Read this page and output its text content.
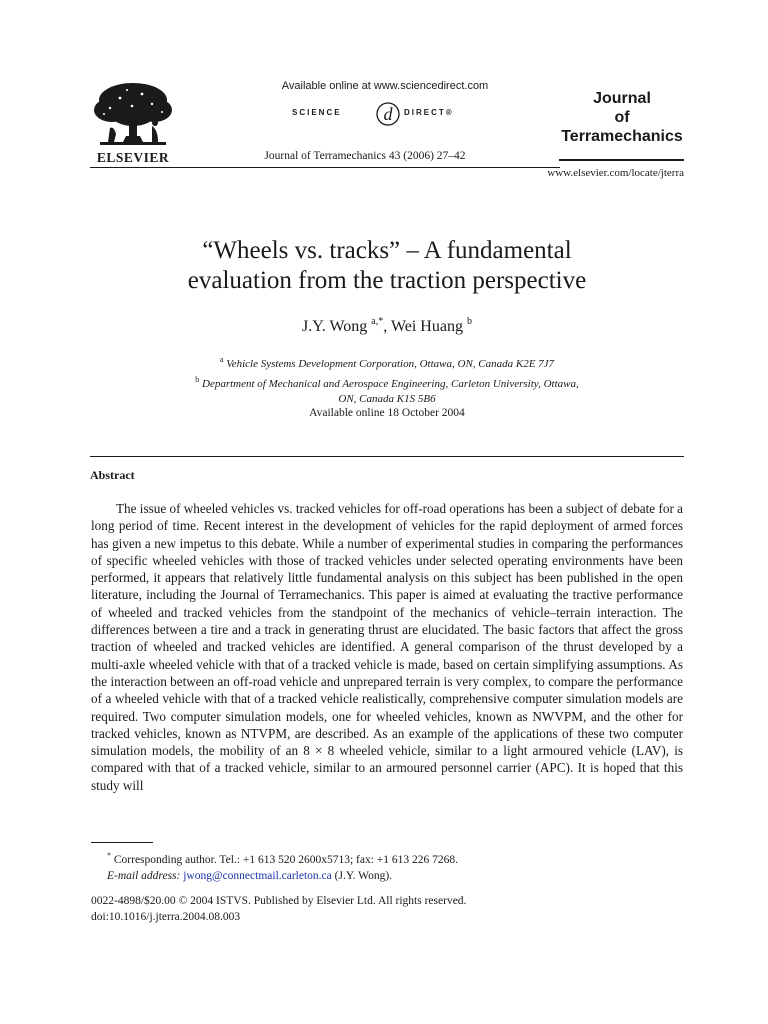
ELSEVIER
Available online at www.sciencedirect.com
SCIENCE d DIRECT®
Journal of Terramechanics 43 (2006) 27–42
Journal
of
Terramechanics
www.elsevier.com/locate/jterra
“Wheels vs. tracks” – A fundamental
evaluation from the traction perspective
J.Y. Wong $^{a,*}$, Wei Huang $^b$
$^a$ Vehicle Systems Development Corporation, Ottawa, ON, Canada K2E 7J7
$^b$ Department of Mechanical and Aerospace Engineering, Carleton University, Ottawa,
ON, Canada K1S 5B6
Available online 18 October 2004
Abstract

The issue of wheeled vehicles vs. tracked vehicles for off-road operations has been a subject of debate for a long period of time. Recent interest in the development of vehicles for the rapid deployment of armed forces has given a new impetus to this debate. While a number of experimental studies in comparing the performances of specific wheeled vehicles with those of tracked vehicles under selected operating environments have been performed, it appears that relatively little fundamental analysis on this subject has been published in the open literature, including the Journal of Terramechanics. This paper is aimed at evaluating the tractive performance of wheeled and tracked vehicles from the standpoint of the mechanics of vehicle–terrain interaction. The differences between a tire and a track in generating thrust are elucidated. The basic factors that affect the gross traction of wheeled and tracked vehicles are identified. A general comparison of the thrust developed by a multi-axle wheeled vehicle with that of a tracked vehicle is made, based on certain simplifying assumptions. As the interaction between an off-road vehicle and unprepared terrain is very complex, to compare the performance of a wheeled vehicle with that of a tracked vehicle realistically, comprehensive computer simulation models are required. Two computer simulation models, one for wheeled vehicles, known as NWVPM, and the other for tracked vehicles, known as NTVPM, are described. As an example of the applications of these two computer simulation models, the mobility of an 8 × 8 wheeled vehicle, similar to a light armoured vehicle (LAV), is compared with that of a tracked vehicle, similar to an armoured personnel carrier (APC). It is hoped that this study will

* Corresponding author. Tel.: +1 613 520 2600x5713; fax: +1 613 226 7268.
E-mail address: jwong@connectmail.carleton.ca (J.Y. Wong).
0022-4898/$20.00 © 2004 ISTVS. Published by Elsevier Ltd. All rights reserved.
doi:10.1016/j.jterra.2004.08.003
